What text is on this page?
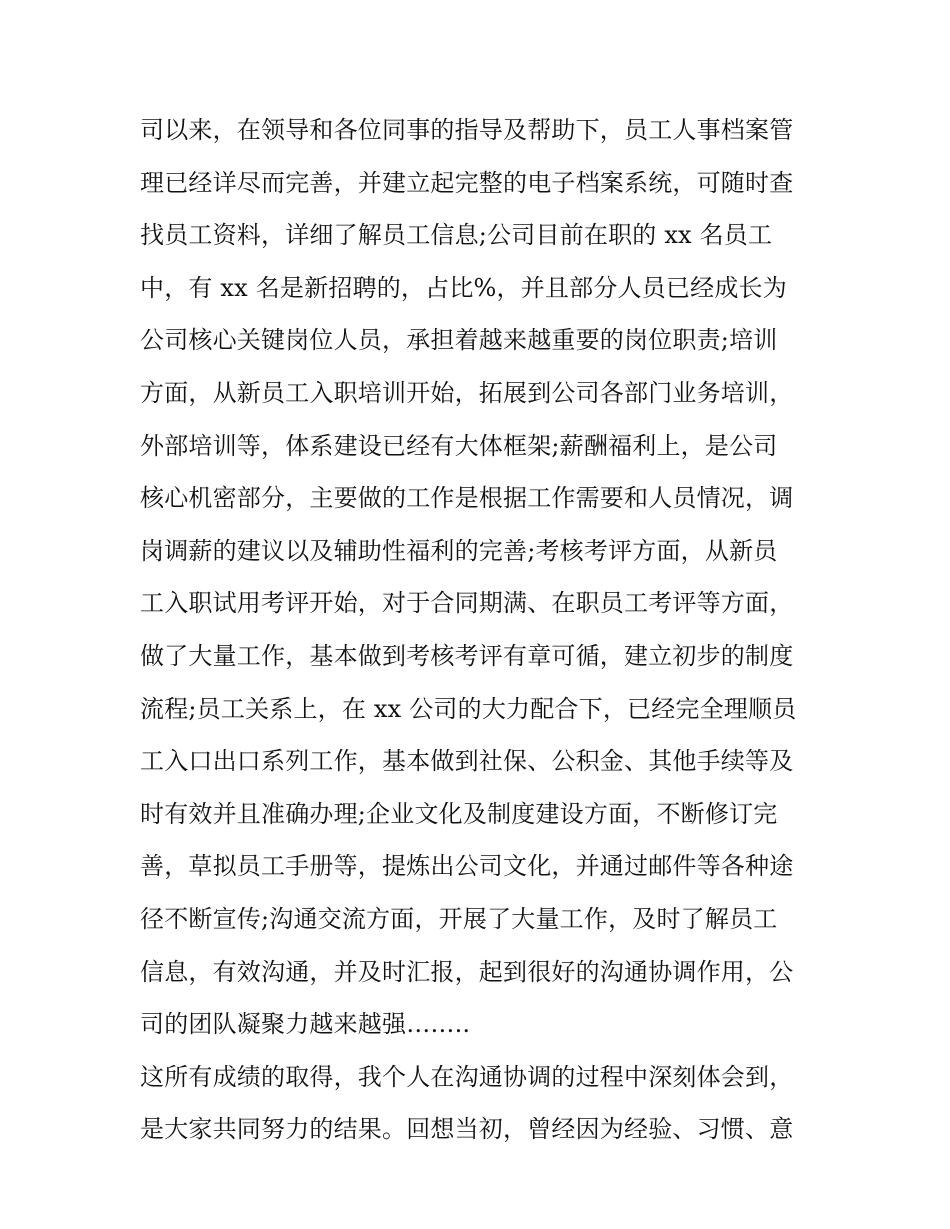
司以来，在领导和各位同事的指导及帮助下，员工人事档案管
理已经详尽而完善，并建立起完整的电子档案系统，可随时查
找员工资料，详细了解员工信息;公司目前在职的 xx 名员工
中，有 xx 名是新招聘的，占比%，并且部分人员已经成长为
公司核心关键岗位人员，承担着越来越重要的岗位职责;培训
方面，从新员工入职培训开始，拓展到公司各部门业务培训，
外部培训等，体系建设已经有大体框架;薪酬福利上，是公司
核心机密部分，主要做的工作是根据工作需要和人员情况，调
岗调薪的建议以及辅助性福利的完善;考核考评方面，从新员
工入职试用考评开始，对于合同期满、在职员工考评等方面，
做了大量工作，基本做到考核考评有章可循，建立初步的制度
流程;员工关系上，在 xx 公司的大力配合下，已经完全理顺员
工入口出口系列工作，基本做到社保、公积金、其他手续等及
时有效并且准确办理;企业文化及制度建设方面，不断修订完
善，草拟员工手册等，提炼出公司文化，并通过邮件等各种途
径不断宣传;沟通交流方面，开展了大量工作，及时了解员工
信息，有效沟通，并及时汇报，起到很好的沟通协调作用，公
司的团队凝聚力越来越强……..
这所有成绩的取得，我个人在沟通协调的过程中深刻体会到，
是大家共同努力的结果。回想当初，曾经因为经验、习惯、意
